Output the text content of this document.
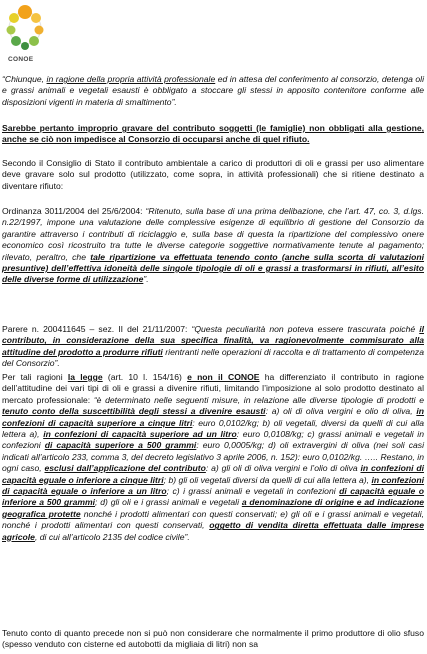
CONOE

“Chiunque, in ragione della propria attività professionale ed in attesa del conferimento al consorzio, detenga oli e grassi animali e vegetali esausti è obbligato a stoccare gli stessi in apposito contenitore conforme alle disposizioni vigenti in materia di smaltimento”.

Sarebbe pertanto improprio gravare del contributo soggetti (le famiglie) non obbligati alla gestione, anche se ciò non impedisce al Consorzio di occuparsi anche di quel rifiuto.

Secondo il Consiglio di Stato il contributo ambientale a carico di produttori di oli e grassi per uso alimentare deve gravare solo sul prodotto (utilizzato, come sopra, in attività professionali) che si ritiene destinato a diventare rifiuto:

Ordinanza 3011/2004 del 25/6/2004: “Ritenuto, sulla base di una prima delibazione, che l’art. 47, co. 3, d.lgs. n.22/1997, impone una valutazione delle complessive esigenze di equilibrio di gestione del Consorzio da garantire attraverso i contributi di riciclaggio e, sulla base di questa la ripartizione del complessivo onere economico così ricostruito tra tutte le diverse categorie soggettive normativamente tenute al pagamento; rilevato, peraltro, che tale ripartizione va effettuata tenendo conto (anche sulla scorta di valutazioni presuntive) dell’effettiva idoneità delle singole tipologie di oli e grassi a trasformarsi in rifiuti, all’esito delle diverse forme di utilizzazione”.

Parere n. 200411645 – sez. II del 21/11/2007: “Questa peculiarità non poteva essere trascurata poiché il contributo, in considerazione della sua specifica finalità, va ragionevolmente commisurato alla attitudine del prodotto a produrre rifiuti rientranti nelle operazioni di raccolta e di trattamento di competenza del Consorzio”.

Per tali ragioni la legge (art. 10 l. 154/16) e non il CONOE ha differenziato il contributo in ragione dell’attitudine dei vari tipi di oli e grassi a divenire rifiuti, limitando l’imposizione al solo prodotto destinato al mercato professionale: “è determinato nelle seguenti misure, in relazione alle diverse tipologie di prodotti e tenuto conto della suscettibilità degli stessi a divenire esausti: a) oli di oliva vergini e olio di oliva, in confezioni di capacità superiore a cinque litri: euro 0,0102/kg; b) oli vegetali, diversi da quelli di cui alla lettera a), in confezioni di capacità superiore ad un litro: euro 0,0108/kg; c) grassi animali e vegetali in confezioni di capacità superiore a 500 grammi: euro 0,0005/kg; d) oli extravergini di oliva (nei soli casi indicati all’articolo 233, comma 3, del decreto legislativo 3 aprile 2006, n. 152): euro 0,0102/kg. ….. Restano, in ogni caso, esclusi dall’applicazione del contributo: a) gli oli di oliva vergini e l’olio di oliva in confezioni di capacità eguale o inferiore a cinque litri; b) gli oli vegetali diversi da quelli di cui alla lettera a), in confezioni di capacità eguale o inferiore a un litro; c) i grassi animali e vegetali in confezioni di capacità eguale o inferiore a 500 grammi; d) gli oli e i grassi animali e vegetali a denominazione di origine e ad indicazione geografica protette nonché i prodotti alimentari con questi conservati; e) gli oli e i grassi animali e vegetali, nonché i prodotti alimentari con questi conservati, oggetto di vendita diretta effettuata dalle imprese agricole, di cui all’articolo 2135 del codice civile”.

Tenuto conto di quanto precede non si può non considerare che normalmente il primo produttore di olio sfuso (spesso venduto con cisterne ed autobotti da migliaia di litri) non sa
